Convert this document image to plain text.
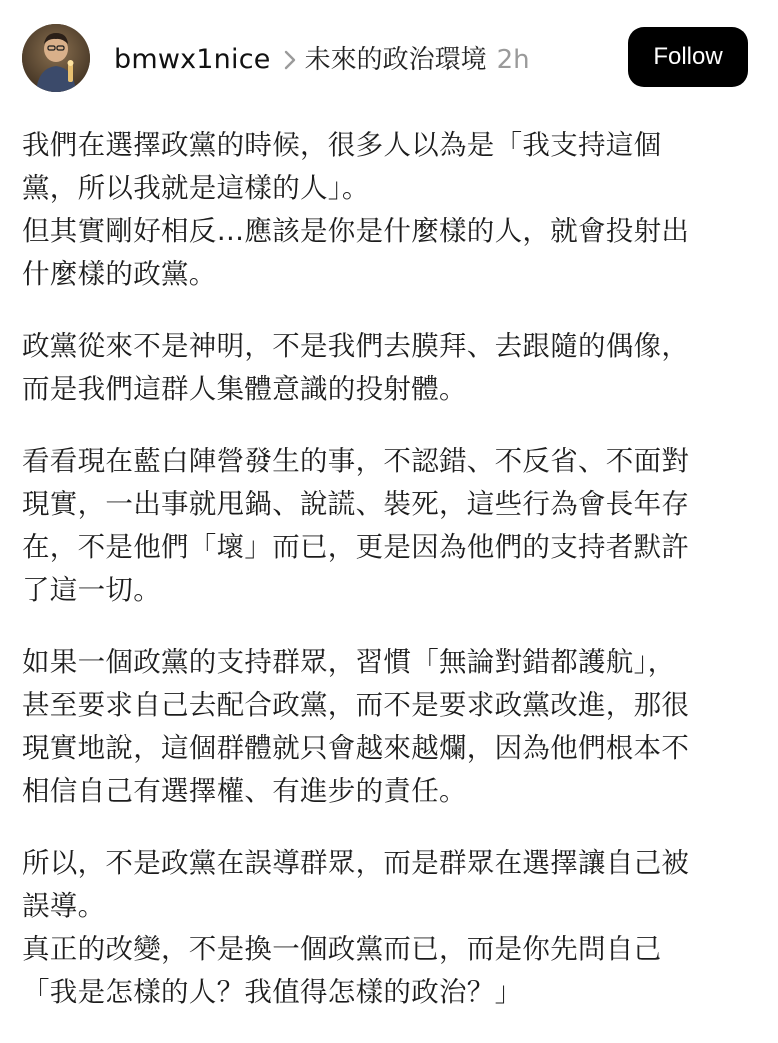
bmwx1nice 未來的政治環境 2h	Follow

我們在選擇政黨的時候，很多人以為是「我支持這個
黨，所以我就是這樣的人」。
但其實剛好相反…應該是你是什麼樣的人，就會投射出
什麼樣的政黨。

政黨從來不是神明，不是我們去膜拜、去跟隨的偶像，
而是我們這群人集體意識的投射體。

看看現在藍白陣營發生的事，不認錯、不反省、不面對
現實，一出事就甩鍋、說謊、裝死，這些行為會長年存
在，不是他們「壞」而已，更是因為他們的支持者默許
了這一切。

如果一個政黨的支持群眾，習慣「無論對錯都護航」，
甚至要求自己去配合政黨，而不是要求政黨改進，那很
現實地說，這個群體就只會越來越爛，因為他們根本不
相信自己有選擇權、有進步的責任。

所以，不是政黨在誤導群眾，而是群眾在選擇讓自己被
誤導。
真正的改變，不是換一個政黨而已，而是你先問自己
「我是怎樣的人？我值得怎樣的政治？」
